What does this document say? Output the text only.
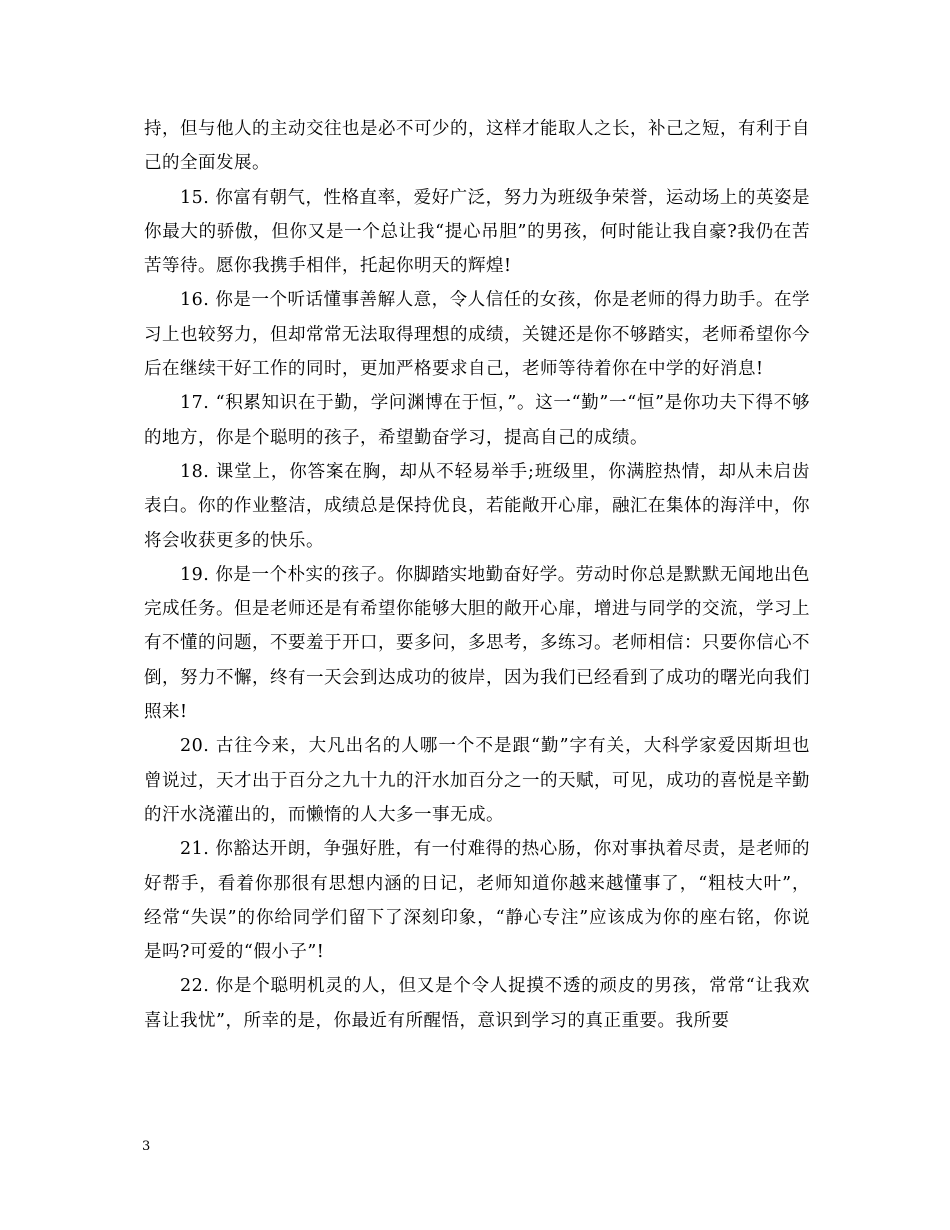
持，但与他人的主动交往也是必不可少的，这样才能取人之长，补己之短，有利于自己的全面发展。

15. 你富有朝气，性格直率，爱好广泛，努力为班级争荣誉，运动场上的英姿是你最大的骄傲，但你又是一个总让我“提心吊胆”的男孩，何时能让我自豪?我仍在苦苦等待。愿你我携手相伴，托起你明天的辉煌!

16. 你是一个听话懂事善解人意，令人信任的女孩，你是老师的得力助手。在学习上也较努力，但却常常无法取得理想的成绩，关键还是你不够踏实，老师希望你今后在继续干好工作的同时，更加严格要求自己，老师等待着你在中学的好消息!

17. “积累知识在于勤，学问渊博在于恒，”。这一“勤”一“恒”是你功夫下得不够的地方，你是个聪明的孩子，希望勤奋学习，提高自己的成绩。

18. 课堂上，你答案在胸，却从不轻易举手;班级里，你满腔热情，却从未启齿表白。你的作业整洁，成绩总是保持优良，若能敞开心扉，融汇在集体的海洋中，你将会收获更多的快乐。

19. 你是一个朴实的孩子。你脚踏实地勤奋好学。劳动时你总是默默无闻地出色完成任务。但是老师还是有希望你能够大胆的敞开心扉，增进与同学的交流，学习上有不懂的问题，不要羞于开口，要多问，多思考，多练习。老师相信：只要你信心不倒，努力不懈，终有一天会到达成功的彼岸，因为我们已经看到了成功的曙光向我们照来!

20. 古往今来，大凡出名的人哪一个不是跟“勤”字有关，大科学家爱因斯坦也曾说过，天才出于百分之九十九的汗水加百分之一的天赋，可见，成功的喜悦是辛勤的汗水浇灌出的，而懒惰的人大多一事无成。

21. 你豁达开朗，争强好胜，有一付难得的热心肠，你对事执着尽责，是老师的好帮手，看着你那很有思想内涵的日记，老师知道你越来越懂事了，“粗枝大叶”，经常“失误”的你给同学们留下了深刻印象，“静心专注”应该成为你的座右铭，你说是吗?可爱的“假小子”!

22. 你是个聪明机灵的人，但又是个令人捉摸不透的顽皮的男孩，常常“让我欢喜让我忧”，所幸的是，你最近有所醒悟，意识到学习的真正重要。我所要

3
